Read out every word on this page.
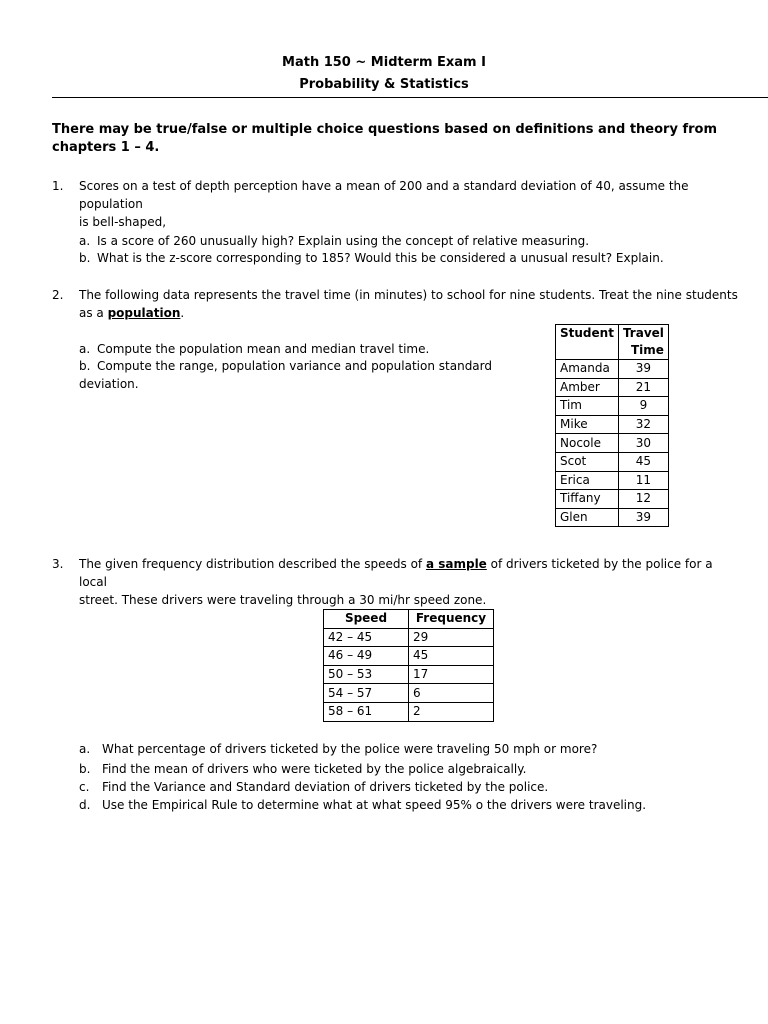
Math 150 ~ Midterm Exam I
Probability & Statistics
There may be true/false or multiple choice questions based on definitions and theory from chapters 1 – 4.
1. Scores on a test of depth perception have a mean of 200 and a standard deviation of 40, assume the population
is bell-shaped,
a. Is a score of 260 unusually high? Explain using the concept of relative measuring.
b. What is the z-score corresponding to 185? Would this be considered a unusual result? Explain.
2. The following data represents the travel time (in minutes) to school for nine students. Treat the nine students
as a population.
a. Compute the population mean and median travel time.
b. Compute the range, population variance and population standard deviation.
Student	Travel
Time

Amanda	39
Amber	21
Tim	9
Mike	32
Nocole	30
Scot	45
Erica	11
Tiffany	12
Glen	39
3. The given frequency distribution described the speeds of a sample of drivers ticketed by the police for a local
street. These drivers were traveling through a 30 mi/hr speed zone.
Speed	Frequency
42 – 45	29
46 – 49	45
50 – 53	17
54 – 57	6
58 – 61	2
a. What percentage of drivers ticketed by the police were traveling 50 mph or more?
b. Find the mean of drivers who were ticketed by the police algebraically.
c. Find the Variance and Standard deviation of drivers ticketed by the police.
d. Use the Empirical Rule to determine what at what speed 95% o the drivers were traveling.
